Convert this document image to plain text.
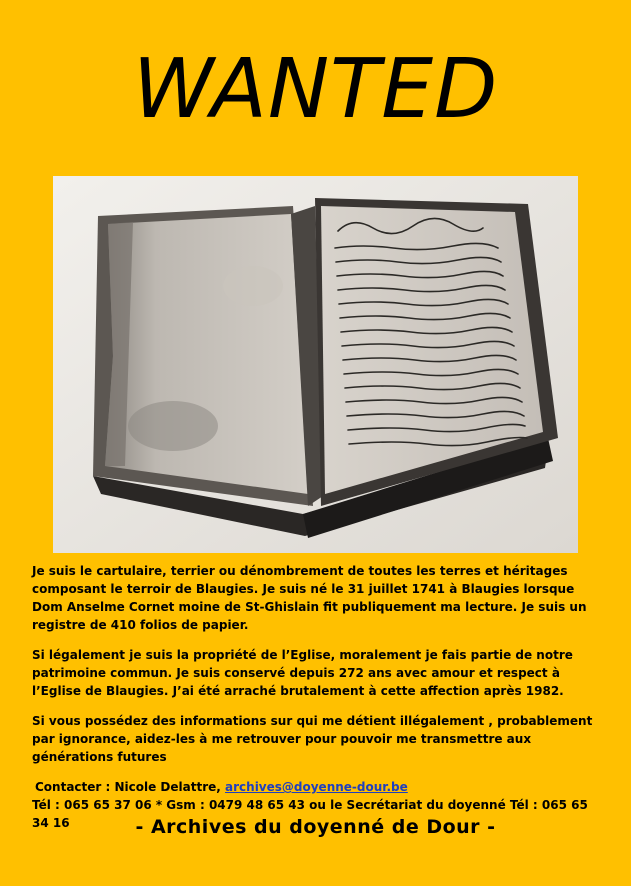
WANTED

Je suis le cartulaire, terrier ou dénombrement de toutes les terres et héritages composant le terroir de Blaugies. Je suis né le 31 juillet 1741 à Blaugies lorsque Dom Anselme Cornet moine de St-Ghislain fit publiquement ma lecture. Je suis un registre de 410 folios de papier.

Si légalement je suis la propriété de l’Eglise, moralement je fais partie de notre patrimoine commun. Je suis conservé depuis 272 ans avec amour et respect à l’Eglise de Blaugies. J’ai été arraché brutalement à cette affection après 1982.

Si vous possédez des informations sur qui me détient illégalement , probablement par ignorance, aidez-les à me retrouver pour pouvoir me transmettre aux générations futures

Contacter : Nicole Delattre, archives@doyenne-dour.be
Tél : 065 65 37 06 * Gsm : 0479 48 65 43 ou le Secrétariat du doyenné Tél : 065 65 34 16	- Archives du doyenné de Dour -
